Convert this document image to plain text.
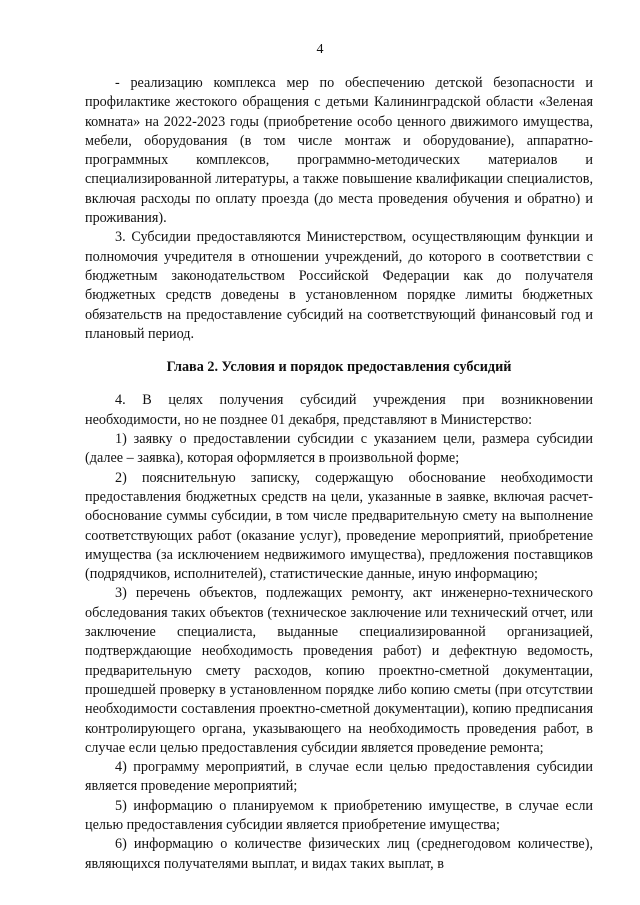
4

- реализацию комплекса мер по обеспечению детской безопасности и профилактике жестокого обращения с детьми Калининградской области «Зеленая комната» на 2022-2023 годы (приобретение особо ценного движимого имущества, мебели, оборудования (в том числе монтаж и оборудование), аппаратно-программных комплексов, программно-методических материалов и специализированной литературы, а также повышение квалификации специалистов, включая расходы по оплату проезда (до места проведения обучения и обратно) и проживания).

3. Субсидии предоставляются Министерством, осуществляющим функции и полномочия учредителя в отношении учреждений, до которого в соответствии с бюджетным законодательством Российской Федерации как до получателя бюджетных средств доведены в установленном порядке лимиты бюджетных обязательств на предоставление субсидий на соответствующий финансовый год и плановый период.

Глава 2. Условия и порядок предоставления субсидий

4. В целях получения субсидий учреждения при возникновении необходимости, но не позднее 01 декабря, представляют в Министерство:

1) заявку о предоставлении субсидии с указанием цели, размера субсидии (далее – заявка), которая оформляется в произвольной форме;

2) пояснительную записку, содержащую обоснование необходимости предоставления бюджетных средств на цели, указанные в заявке, включая расчет-обоснование суммы субсидии, в том числе предварительную смету на выполнение соответствующих работ (оказание услуг), проведение мероприятий, приобретение имущества (за исключением недвижимого имущества), предложения поставщиков (подрядчиков, исполнителей), статистические данные, иную информацию;

3) перечень объектов, подлежащих ремонту, акт инженерно-технического обследования таких объектов (техническое заключение или технический отчет, или заключение специалиста, выданные специализированной организацией, подтверждающие необходимость проведения работ) и дефектную ведомость, предварительную смету расходов, копию проектно-сметной документации, прошедшей проверку в установленном порядке либо копию сметы (при отсутствии необходимости составления проектно-сметной документации), копию предписания контролирующего органа, указывающего на необходимость проведения работ, в случае если целью предоставления субсидии является проведение ремонта;

4) программу мероприятий, в случае если целью предоставления субсидии является проведение мероприятий;

5) информацию о планируемом к приобретению имуществе, в случае если целью предоставления субсидии является приобретение имущества;

6) информацию о количестве физических лиц (среднегодовом количестве), являющихся получателями выплат, и видах таких выплат, в
